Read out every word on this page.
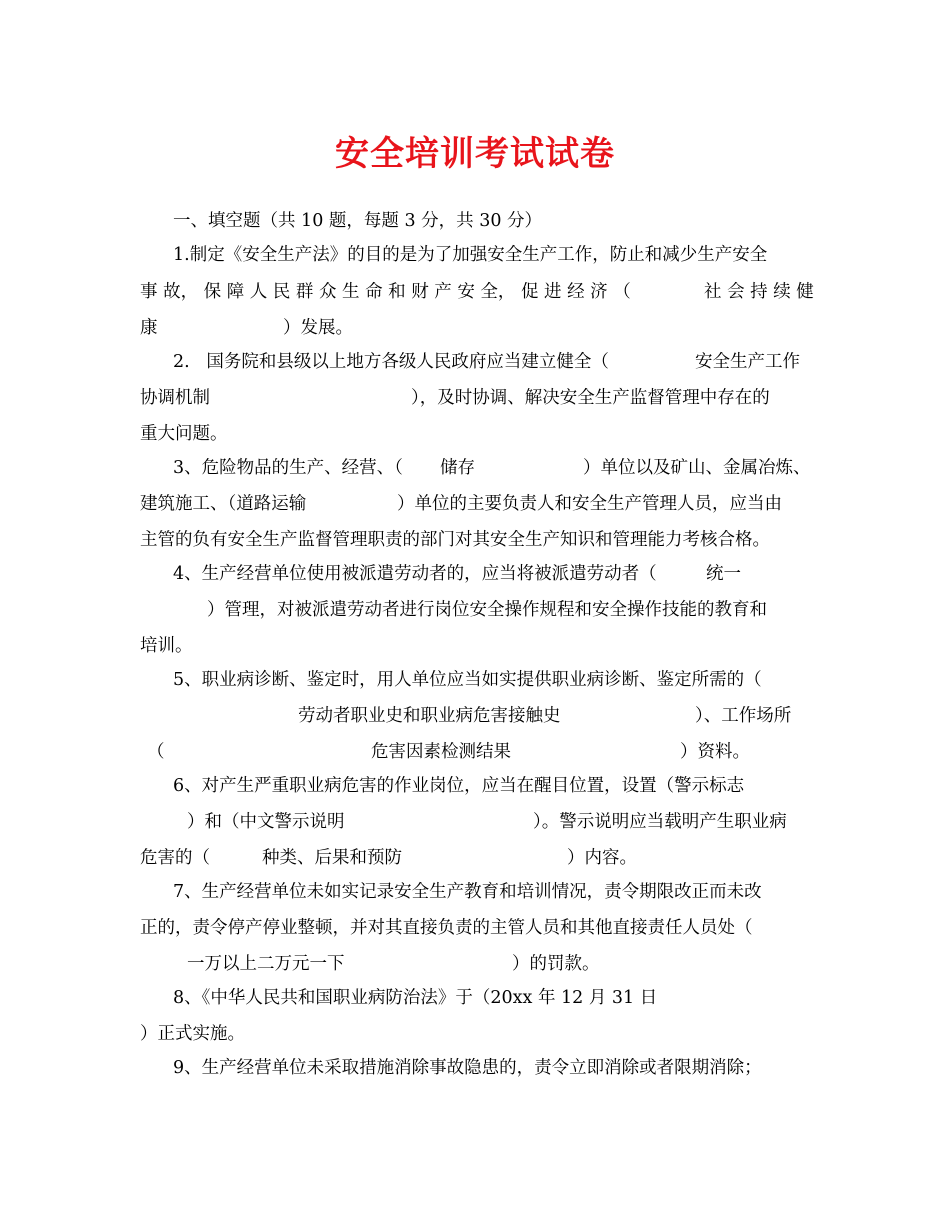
安全培训考试试卷
一、填空题（共 10 题，每题 3 分，共 30 分）
1.制定《安全生产法》的目的是为了加强安全生产工作，防止和减少生产安全
事 故， 保 障 人 民 群 众 生 命 和 财 产 安 全， 促 进 经 济 （	社 会 持 续 健
康	）发展。
2.   国务院和县级以上地方各级人民政府应当建立健全（	安全生产工作
协调机制	），及时协调、解决安全生产监督管理中存在的
重大问题。
3、危险物品的生产、经营、（ 储存	）单位以及矿山、金属冶炼、
建筑施工、（道路运输	）单位的主要负责人和安全生产管理人员，应当由
主管的负有安全生产监督管理职责的部门对其安全生产知识和管理能力考核合格。
4、生产经营单位使用被派遣劳动者的，应当将被派遣劳动者（	统一
）管理，对被派遣劳动者进行岗位安全操作规程和安全操作技能的教育和
培训。
5、职业病诊断、鉴定时，用人单位应当如实提供职业病诊断、鉴定所需的（
劳动者职业史和职业病危害接触史	）、工作场所
（	危害因素检测结果	）资料。
6、对产生严重职业病危害的作业岗位，应当在醒目位置，设置（警示标志
）和（中文警示说明	）。警示说明应当载明产生职业病
危害的（	种类、后果和预防	）内容。
7、生产经营单位未如实记录安全生产教育和培训情况，责令期限改正而未改
正的，责令停产停业整顿，并对其直接负责的主管人员和其他直接责任人员处（
一万以上二万元一下	）的罚款。
8、《中华人民共和国职业病防治法》于（20xx 年 12 月 31 日
）正式实施。
9、生产经营单位未采取措施消除事故隐患的，责令立即消除或者限期消除；
